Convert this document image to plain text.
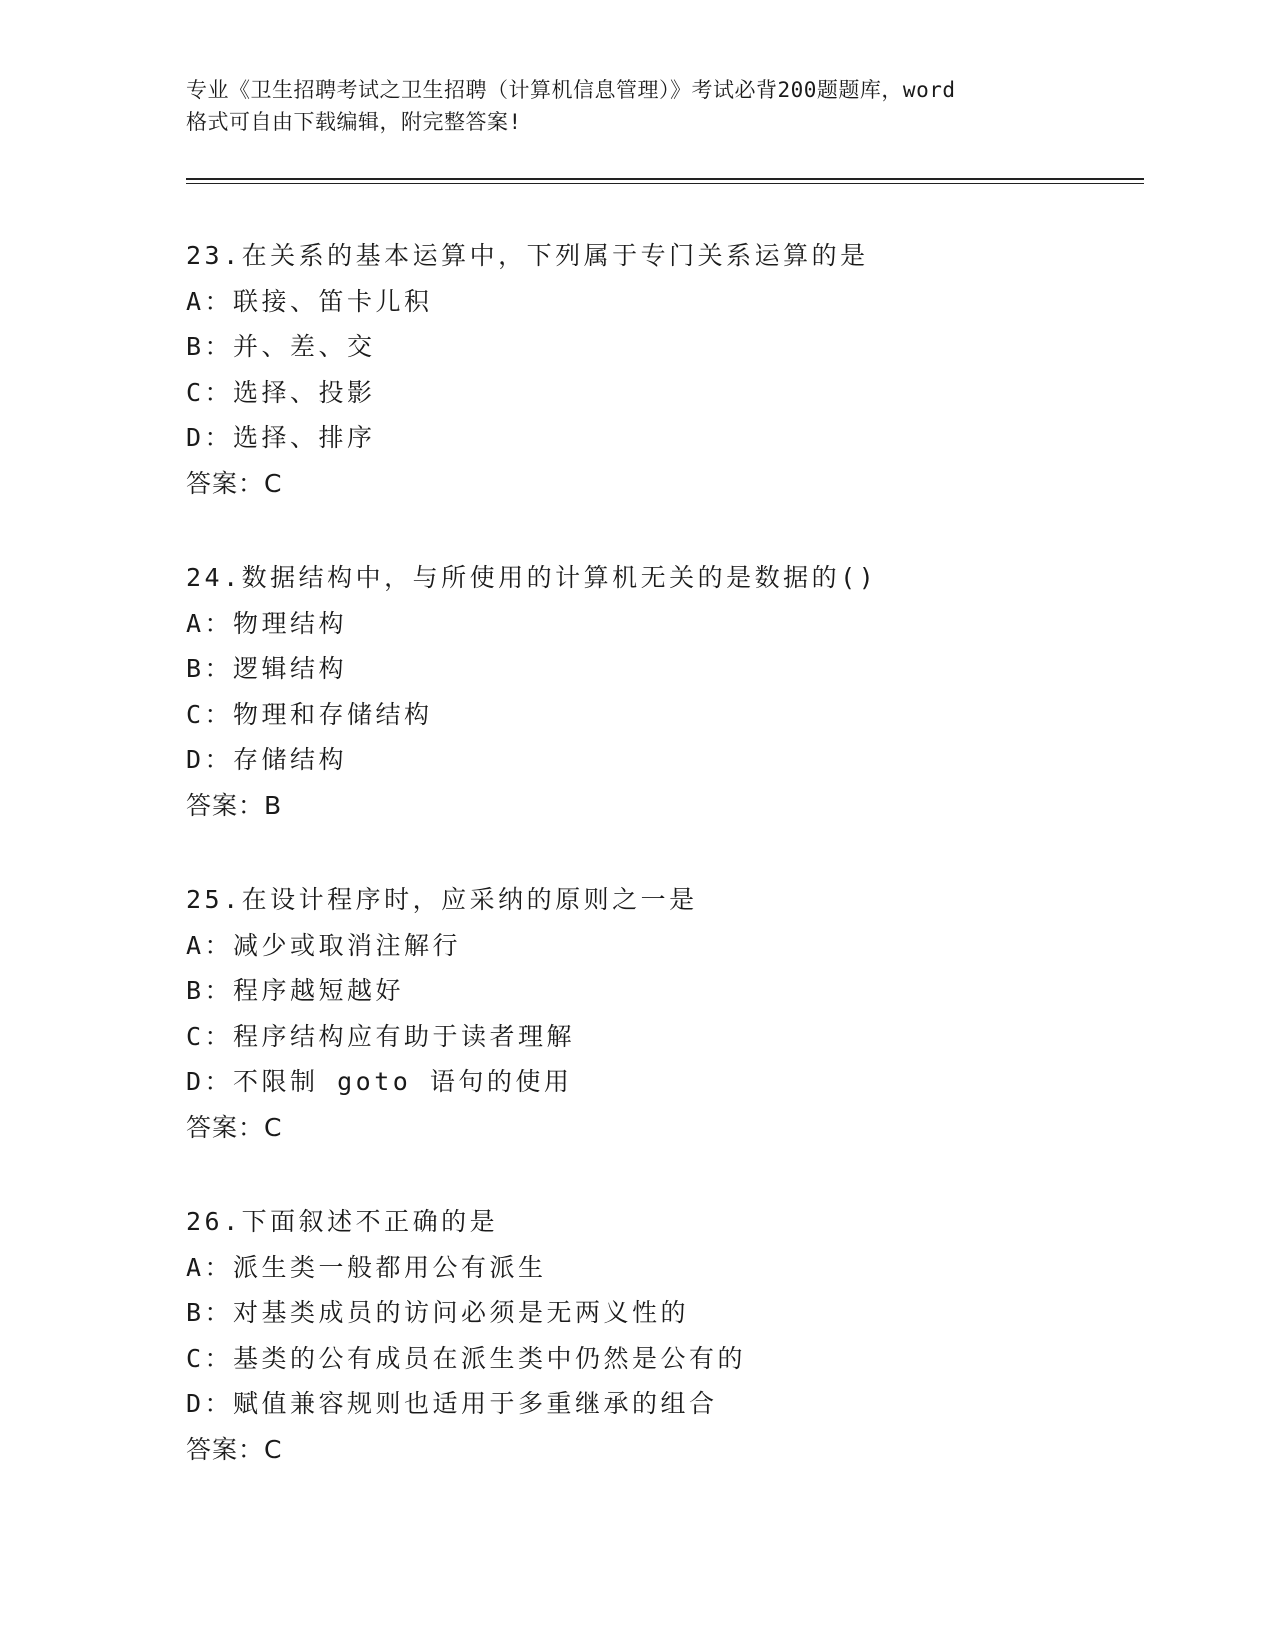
专业《卫生招聘考试之卫生招聘（计算机信息管理）》考试必背200题题库，word
格式可自由下载编辑，附完整答案!
23.在关系的基本运算中，下列属于专门关系运算的是
A：联接、笛卡儿积
B：并、差、交
C：选择、投影
D：选择、排序
答案：C
24.数据结构中，与所使用的计算机无关的是数据的()
A：物理结构
B：逻辑结构
C：物理和存储结构
D：存储结构
答案：B
25.在设计程序时，应采纳的原则之一是
A：减少或取消注解行
B：程序越短越好
C：程序结构应有助于读者理解
D：不限制 goto 语句的使用
答案：C
26.下面叙述不正确的是
A：派生类一般都用公有派生
B：对基类成员的访问必须是无两义性的
C：基类的公有成员在派生类中仍然是公有的
D：赋值兼容规则也适用于多重继承的组合
答案：C
